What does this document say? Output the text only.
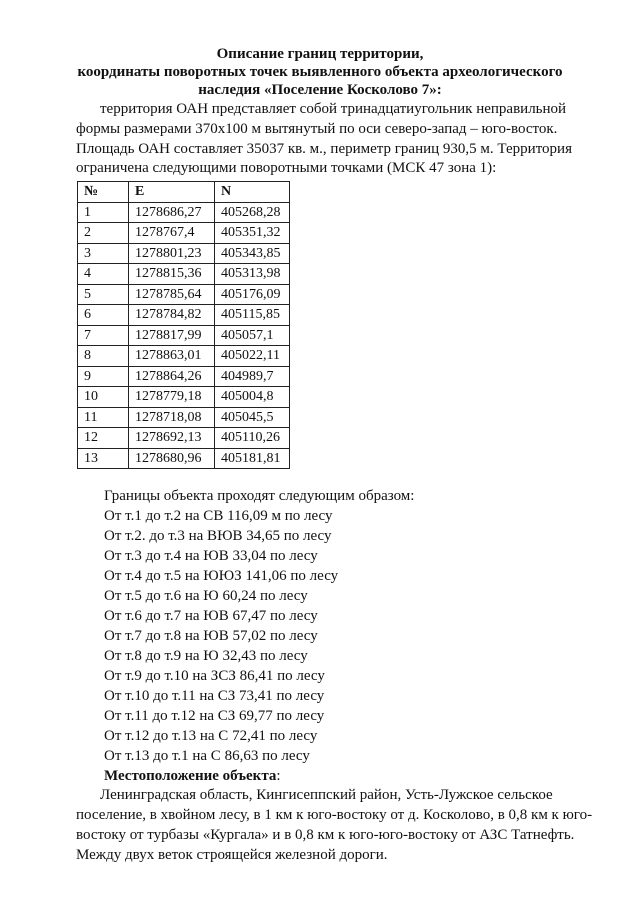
Описание границ территории,
координаты поворотных точек выявленного объекта археологического
наследия «Поселение Косколово 7»:
территория ОАН представляет собой тринадцатиугольник неправильной
формы размерами 370х100 м вытянутый по оси северо-запад – юго-восток.
Площадь ОАН составляет 35037 кв. м., периметр границ 930,5 м. Территория
ограничена следующими поворотными точками (МСК 47 зона 1):
№	E	N
1	1278686,27	405268,28
2	1278767,4	405351,32
3	1278801,23	405343,85
4	1278815,36	405313,98
5	1278785,64	405176,09
6	1278784,82	405115,85
7	1278817,99	405057,1
8	1278863,01	405022,11
9	1278864,26	404989,7
10	1278779,18	405004,8
11	1278718,08	405045,5
12	1278692,13	405110,26
13	1278680,96	405181,81
Границы объекта проходят следующим образом:
От т.1 до т.2 на СВ 116,09 м по лесу
От т.2. до т.3 на ВЮВ 34,65 по лесу
От т.3 до т.4 на ЮВ 33,04 по лесу
От т.4 до т.5 на ЮЮЗ 141,06 по лесу
От т.5 до т.6 на Ю 60,24 по лесу
От т.6 до т.7 на ЮВ 67,47 по лесу
От т.7 до т.8 на ЮВ 57,02 по лесу
От т.8 до т.9 на Ю 32,43 по лесу
От т.9 до т.10 на ЗСЗ 86,41 по лесу
От т.10 до т.11 на СЗ 73,41 по лесу
От т.11 до т.12 на СЗ 69,77 по лесу
От т.12 до т.13 на С 72,41 по лесу
От т.13 до т.1 на С 86,63 по лесу
Местоположение объекта:
Ленинградская область, Кингисеппский район, Усть-Лужское сельское
поселение, в хвойном лесу, в 1 км к юго-востоку от д. Косколово, в 0,8 км к юго-
востоку от турбазы «Кургала» и в 0,8 км к юго-юго-востоку от АЗС Татнефть.
Между двух веток строящейся железной дороги.
